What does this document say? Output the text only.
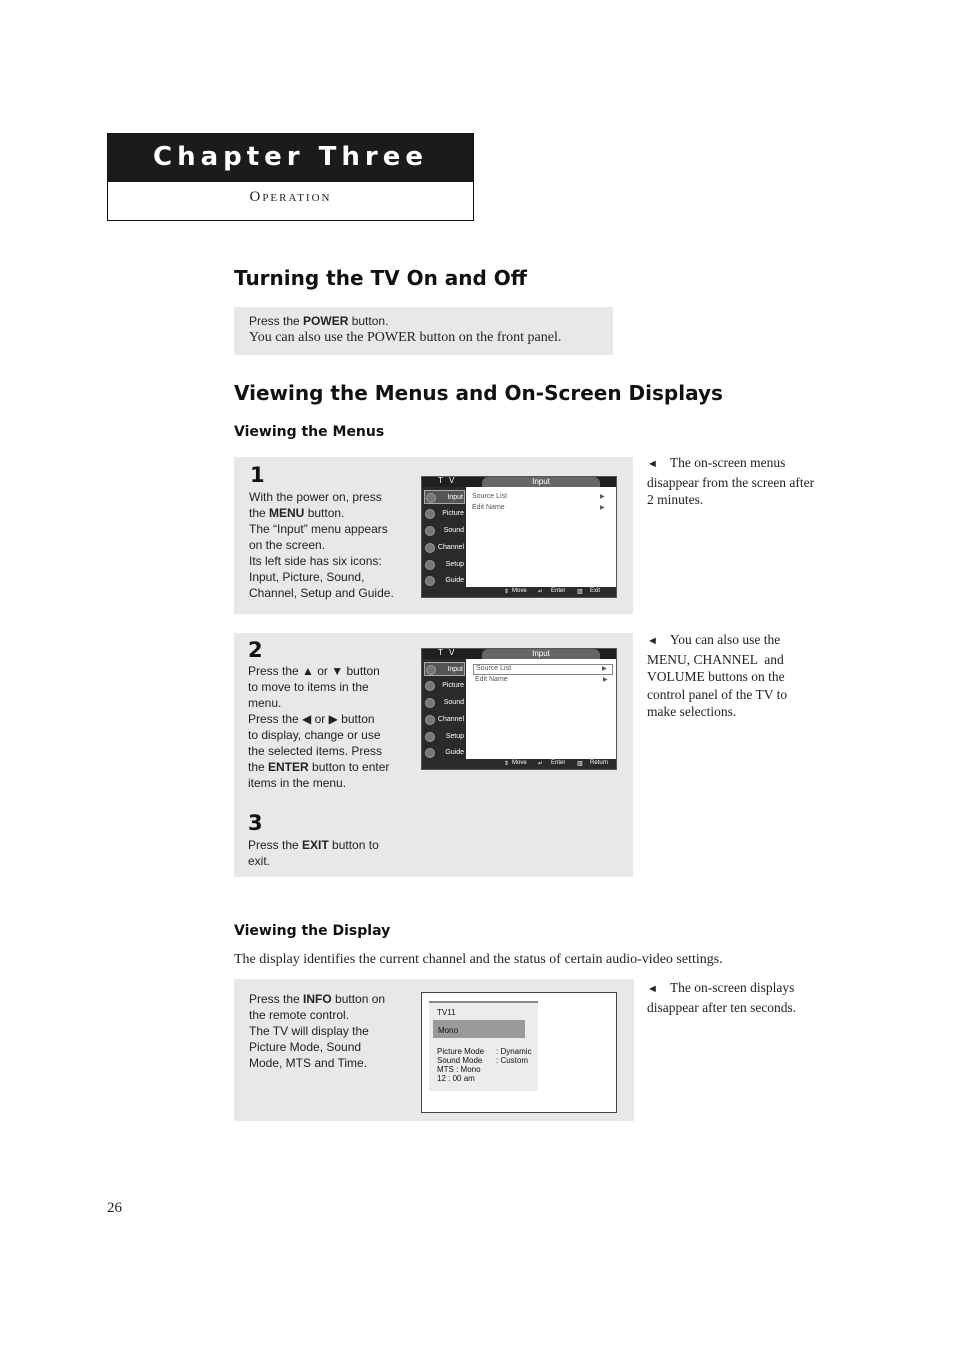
Chapter Three
Operation
Turning the TV On and Off
Press the POWER button.
You can also use the POWER button on the front panel.
Viewing the Menus and On-Screen Displays
Viewing the Menus
1
With the power on, press
the MENU button.
The “Input” menu appears
on the screen.
Its left side has six icons:
Input, Picture, Sound,
Channel, Setup and Guide.
T V	Input
Input
Picture
Sound
Channel
Setup
Guide
Source List	▶
Edit Name	▶
⇕ Move ↵ Enter ▥ Exit
◄ The on-screen menus
disappear from the screen after
2 minutes.
2
Press the ▲ or ▼ button
to move to items in the
menu.
Press the ◀ or ▶ button
to display, change or use
the selected items. Press
the ENTER button to enter
items in the menu.
3
Press the EXIT button to
exit.
T V	Input
Input
Picture
Sound
Channel
Setup
Guide
Source List	▶
Edit Name	▶
⇕ Move ↵ Enter ▥ Return
◄ You can also use the
MENU, CHANNEL  and
VOLUME buttons on the
control panel of the TV to
make selections.
Viewing the Display
The display identifies the current channel and the status of certain audio-video settings.
Press the INFO button on
the remote control.
The TV will display the
Picture Mode, Sound
Mode, MTS and Time.
TV11
Mono
Picture Mode : Dynamic
Sound Mode : Custom
MTS : Mono
12 : 00 am
◄ The on-screen displays
disappear after ten seconds.
26
